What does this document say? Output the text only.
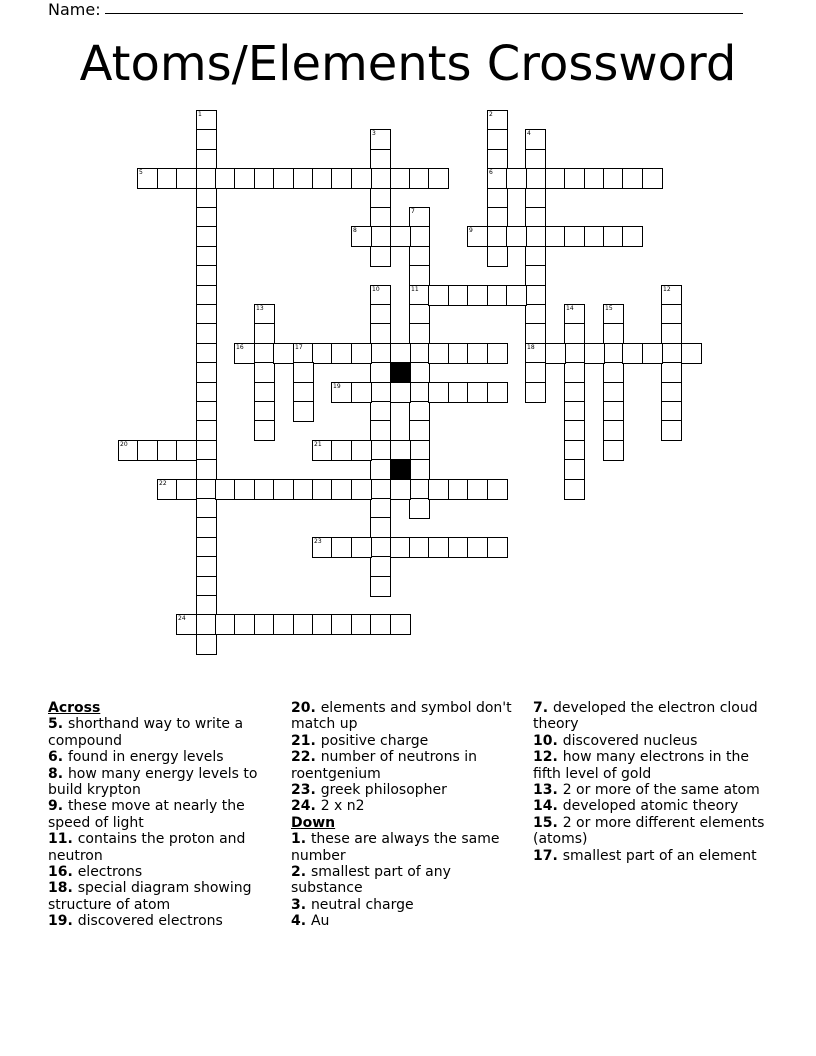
Name:
Atoms/Elements Crossword
1	2
6
3	4
18
5
7
11
8	9
10	12
13	14	15
16	17
19
20	21
22
23
24
Across
5. shorthand way to write a compound
6. found in energy levels
8. how many energy levels to build krypton
9. these move at nearly the speed of light
11. contains the proton and neutron
16. electrons
18. special diagram showing structure of atom
19. discovered electrons
20. elements and symbol don't match up
21. positive charge
22. number of neutrons in roentgenium
23. greek philosopher
24. 2 x n2
Down
1. these are always the same number
2. smallest part of any substance
3. neutral charge
4. Au
7. developed the electron cloud theory
10. discovered nucleus
12. how many electrons in the fifth level of gold
13. 2 or more of the same atom
14. developed atomic theory
15. 2 or more different elements (atoms)
17. smallest part of an element
